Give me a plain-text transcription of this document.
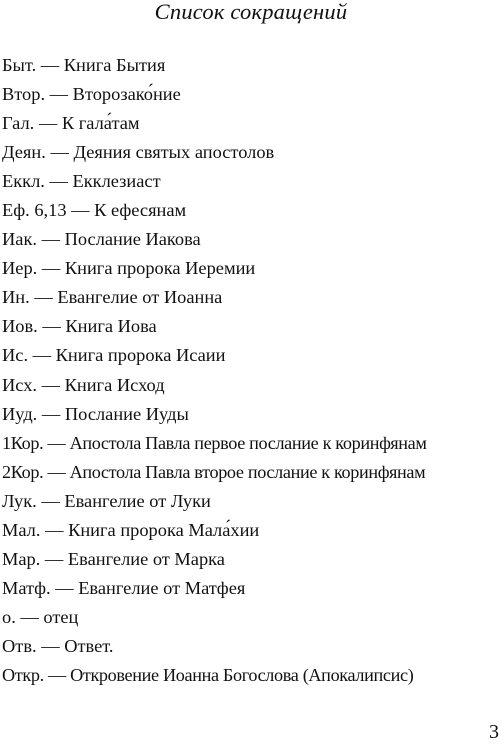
Список сокращений
Быт. — Книга Бытия
Втор. — Второзако́ние
Гал. — К гала́там
Деян. — Деяния святых апостолов
Еккл. — Екклезиаст
Еф. 6,13 — К ефесянам
Иак. — Послание Иакова
Иер. — Книга пророка Иеремии
Ин. — Евангелие от Иоанна
Иов. — Книга Иова
Ис. — Книга пророка Исаии
Исх. — Книга Исход
Иуд. — Послание Иуды
1Кор. — Апостола Павла первое послание к коринфянам
2Кор. — Апостола Павла второе послание к коринфянам
Лук. — Евангелие от Луки
Мал. — Книга пророка Мала́хии
Мар. — Евангелие от Марка
Матф. — Евангелие от Матфея
о. — отец
Отв. — Ответ.
Откр. — Откровение Иоанна Богослова (Апокалипсис)
3
